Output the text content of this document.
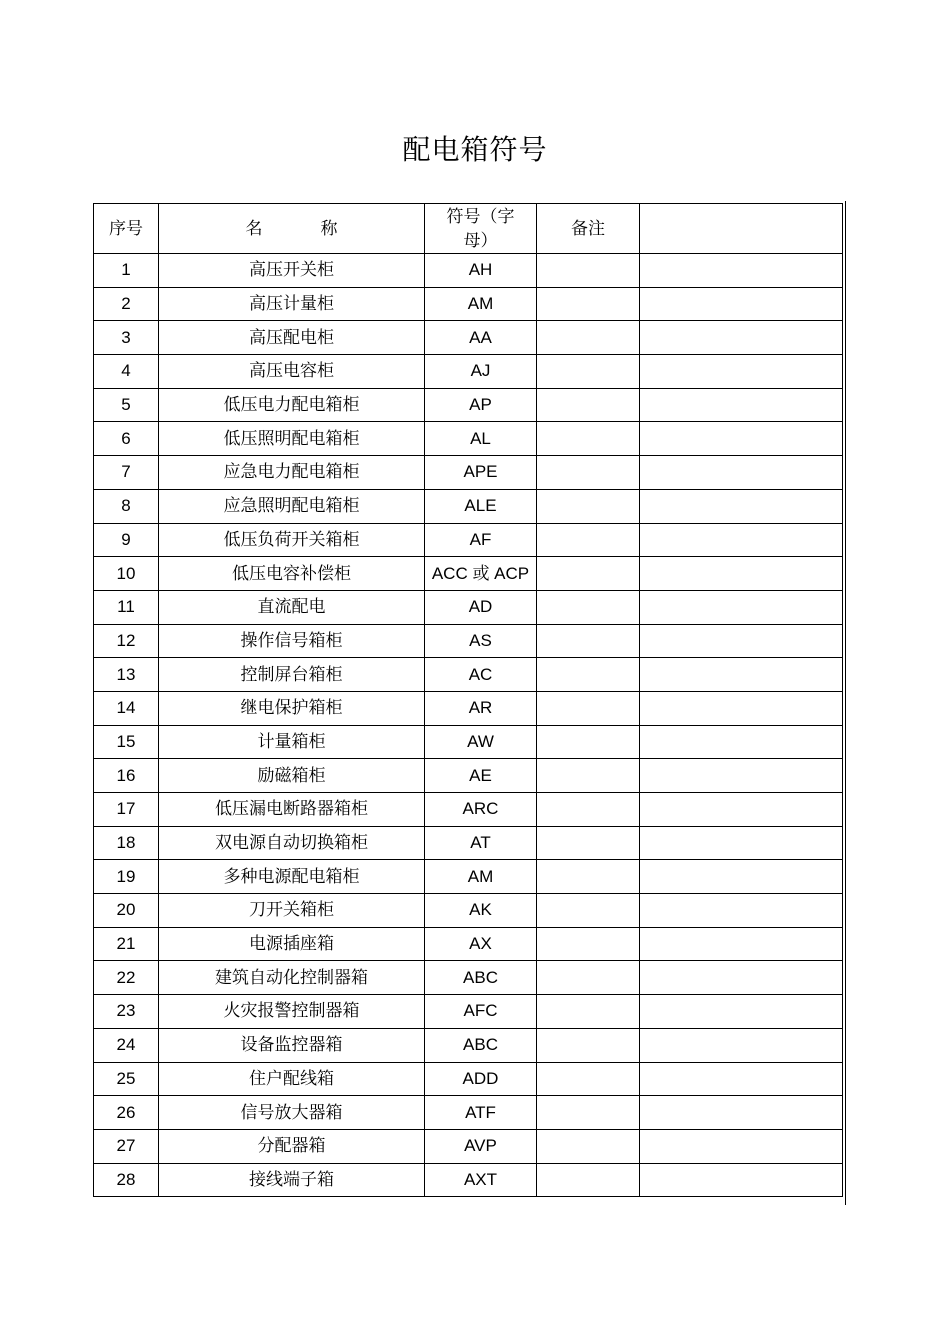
配电箱符号
序号	名 称	符号（字
母）	备注	
1	高压开关柜	AH		
2	高压计量柜	AM		
3	高压配电柜	AA		
4	高压电容柜	AJ		
5	低压电力配电箱柜	AP		
6	低压照明配电箱柜	AL		
7	应急电力配电箱柜	APE		
8	应急照明配电箱柜	ALE		
9	低压负荷开关箱柜	AF		
10	低压电容补偿柜	ACC 或 ACP		
11	直流配电	AD		
12	操作信号箱柜	AS		
13	控制屏台箱柜	AC		
14	继电保护箱柜	AR		
15	计量箱柜	AW		
16	励磁箱柜	AE		
17	低压漏电断路器箱柜	ARC		
18	双电源自动切换箱柜	AT		
19	多种电源配电箱柜	AM		
20	刀开关箱柜	AK		
21	电源插座箱	AX		
22	建筑自动化控制器箱	ABC		
23	火灾报警控制器箱	AFC		
24	设备监控器箱	ABC		
25	住户配线箱	ADD		
26	信号放大器箱	ATF		
27	分配器箱	AVP		
28	接线端子箱	AXT		
